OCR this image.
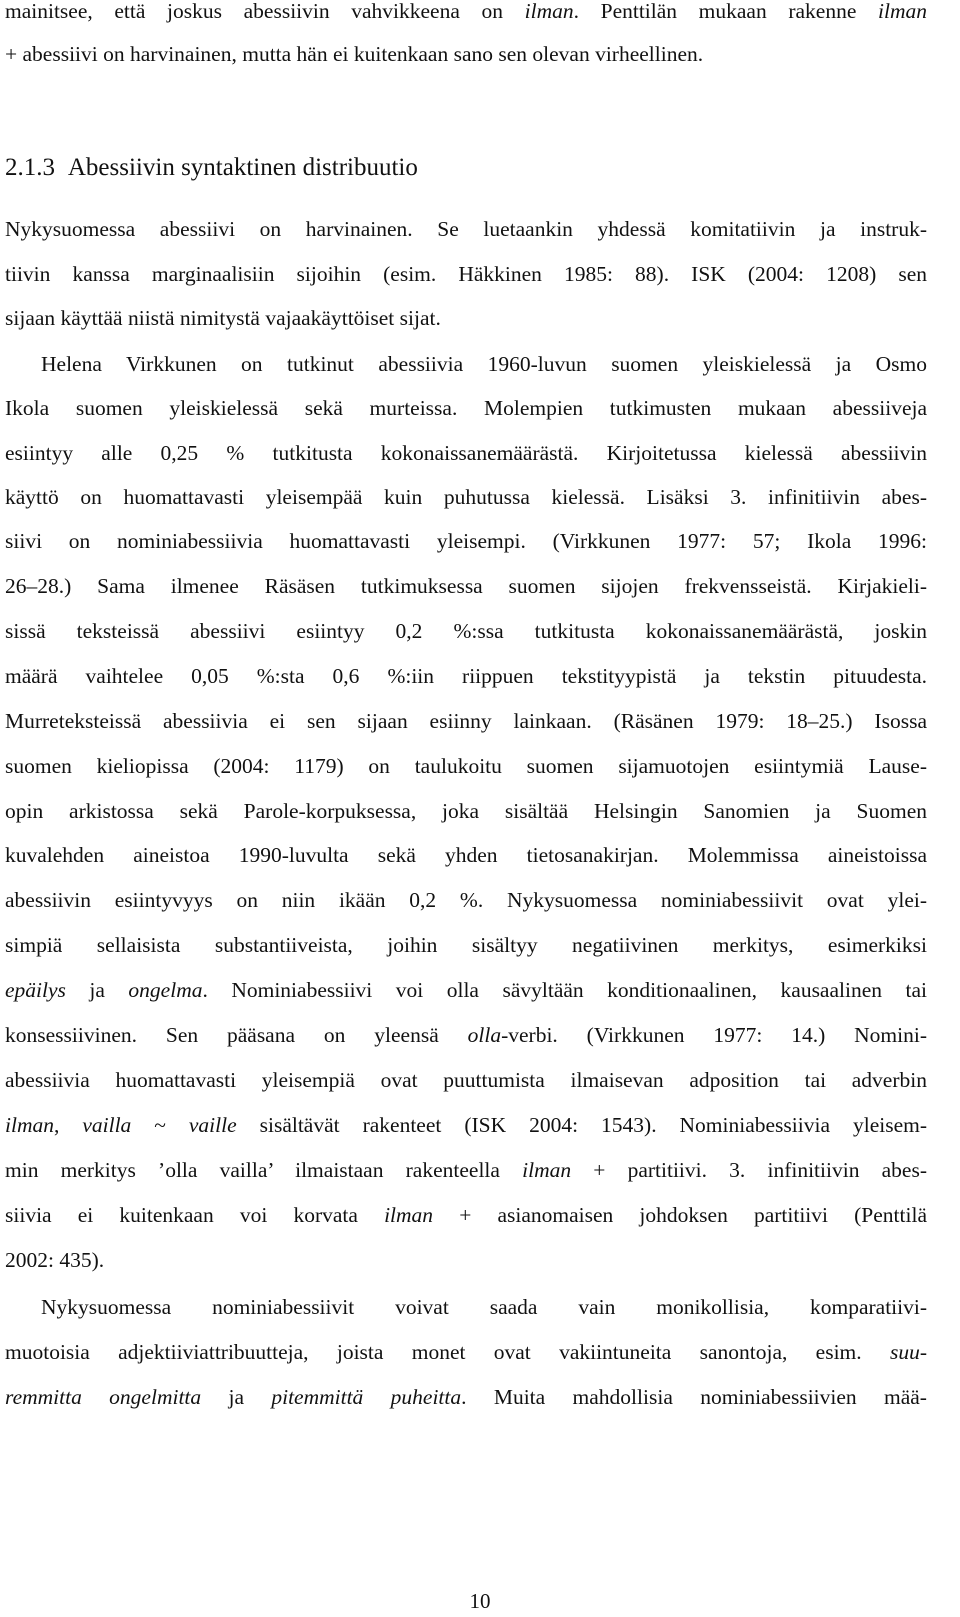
mainitsee, että joskus abessiivin vahvikkeena on ilman. Penttilän mukaan rakenne ilman
+ abessiivi on harvinainen, mutta hän ei kuitenkaan sano sen olevan virheellinen.
2.1.3 Abessiivin syntaktinen distribuutio
Nykysuomessa abessiivi on harvinainen. Se luetaankin yhdessä komitatiivin ja instruk-
tiivin kanssa marginaalisiin sijoihin (esim. Häkkinen 1985: 88). ISK (2004: 1208) sen
sijaan käyttää niistä nimitystä vajaakäyttöiset sijat.
Helena Virkkunen on tutkinut abessiivia 1960-luvun suomen yleiskielessä ja Osmo
Ikola suomen yleiskielessä sekä murteissa. Molempien tutkimusten mukaan abessiiveja
esiintyy alle 0,25 % tutkitusta kokonaissanemäärästä. Kirjoitetussa kielessä abessiivin
käyttö on huomattavasti yleisempää kuin puhutussa kielessä. Lisäksi 3. infinitiivin abes-
siivi on nominiabessiivia huomattavasti yleisempi. (Virkkunen 1977: 57; Ikola 1996:
26–28.) Sama ilmenee Räsäsen tutkimuksessa suomen sijojen frekvensseistä. Kirjakieli-
sissä teksteissä abessiivi esiintyy 0,2 %:ssa tutkitusta kokonaissanemäärästä, joskin
määrä vaihtelee 0,05 %:sta 0,6 %:iin riippuen tekstityypistä ja tekstin pituudesta.
Murreteksteissä abessiivia ei sen sijaan esiinny lainkaan. (Räsänen 1979: 18–25.) Isossa
suomen kieliopissa (2004: 1179) on taulukoitu suomen sijamuotojen esiintymiä Lause-
opin arkistossa sekä Parole-korpuksessa, joka sisältää Helsingin Sanomien ja Suomen
kuvalehden aineistoa 1990-luvulta sekä yhden tietosanakirjan. Molemmissa aineistoissa
abessiivin esiintyvyys on niin ikään 0,2 %. Nykysuomessa nominiabessiivit ovat ylei-
simpiä sellaisista substantiiveista, joihin sisältyy negatiivinen merkitys, esimerkiksi
epäilys ja ongelma. Nominiabessiivi voi olla sävyltään konditionaalinen, kausaalinen tai
konsessiivinen. Sen pääsana on yleensä olla-verbi. (Virkkunen 1977: 14.) Nomini-
abessiivia huomattavasti yleisempiä ovat puuttumista ilmaisevan adposition tai adverbin
ilman, vailla ~ vaille sisältävät rakenteet (ISK 2004: 1543). Nominiabessiivia yleisem-
min merkitys ’olla vailla’ ilmaistaan rakenteella ilman + partitiivi. 3. infinitiivin abes-
siivia ei kuitenkaan voi korvata ilman + asianomaisen johdoksen partitiivi (Penttilä
2002: 435).
Nykysuomessa nominiabessiivit voivat saada vain monikollisia, komparatiivi-
muotoisia adjektiiviattribuutteja, joista monet ovat vakiintuneita sanontoja, esim. suu-
remmitta ongelmitta ja pitemmittä puheitta. Muita mahdollisia nominiabessiivien mää-
10
